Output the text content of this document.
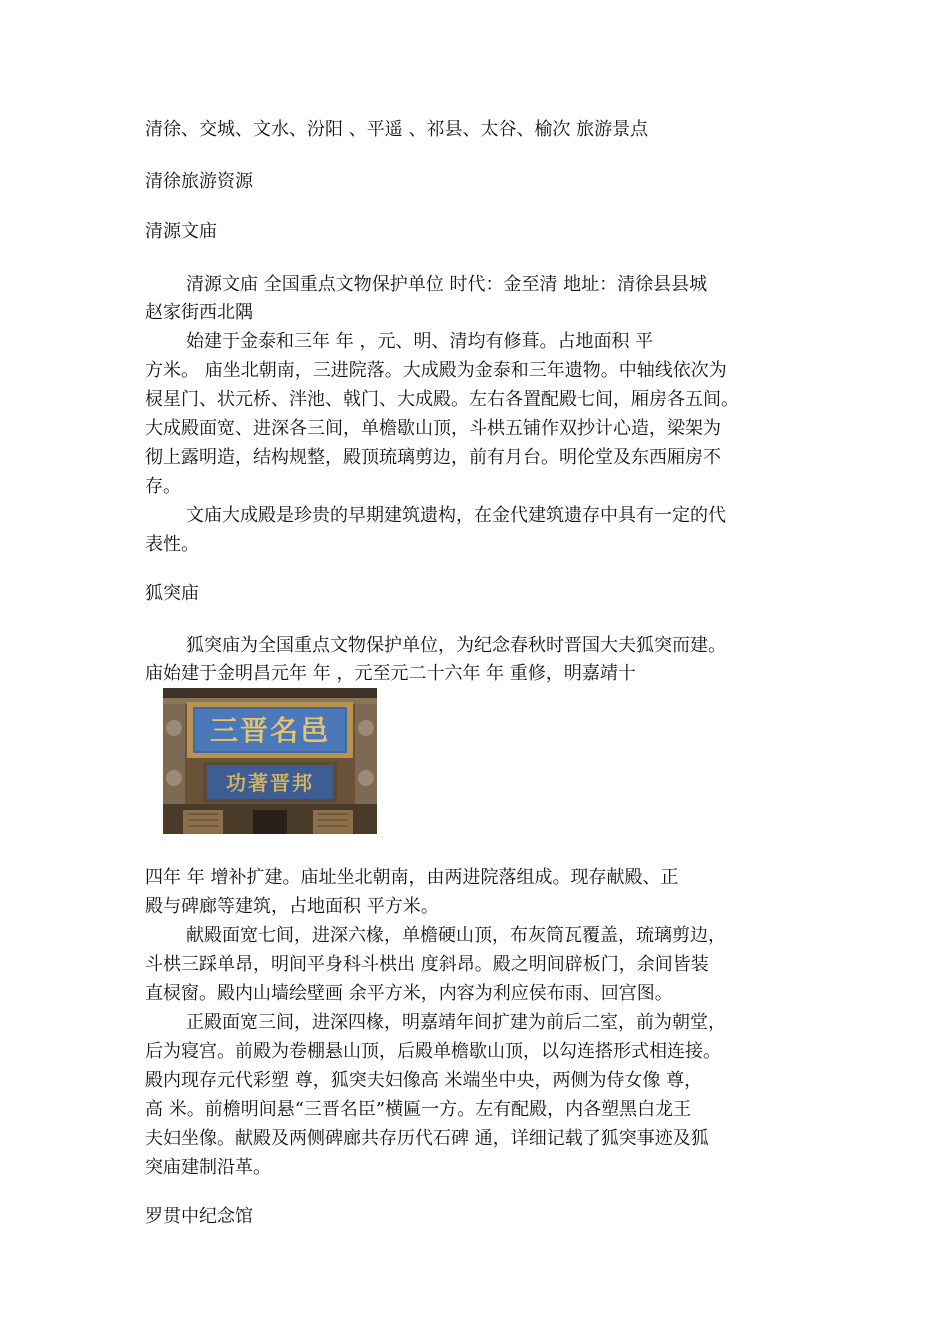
清徐、交城、文水、汾阳 、平遥 、祁县、太谷、榆次 旅游景点
清徐旅游资源
清源文庙
清源文庙 全国重点文物保护单位 时代：金至清 地址：清徐县县城
赵家街西北隅
始建于金泰和三年 年 ，元、明、清均有修葺。占地面积 平
方米。 庙坐北朝南，三进院落。大成殿为金泰和三年遗物。中轴线依次为
棂星门、状元桥、泮池、戟门、大成殿。左右各置配殿七间，厢房各五间。
大成殿面宽、进深各三间，单檐歇山顶，斗栱五铺作双抄计心造，梁架为
彻上露明造，结构规整，殿顶琉璃剪边，前有月台。明伦堂及东西厢房不
存。
文庙大成殿是珍贵的早期建筑遗构，在金代建筑遗存中具有一定的代
表性。
狐突庙
狐突庙为全国重点文物保护单位，为纪念春秋时晋国大夫狐突而建。
庙始建于金明昌元年 年 ，元至元二十六年 年 重修，明嘉靖十
四年 年 增补扩建。庙址坐北朝南，由两进院落组成。现存献殿、正
殿与碑廊等建筑，占地面积 平方米。
献殿面宽七间，进深六椽，单檐硬山顶，布灰筒瓦覆盖，琉璃剪边，
斗栱三踩单昂，明间平身科斗栱出 度斜昂。殿之明间辟板门，余间皆装
直棂窗。殿内山墙绘壁画 余平方米，内容为利应侯布雨、回宫图。
正殿面宽三间，进深四椽，明嘉靖年间扩建为前后二室，前为朝堂，
后为寝宫。前殿为卷棚悬山顶，后殿单檐歇山顶，以勾连搭形式相连接。
殿内现存元代彩塑 尊，狐突夫妇像高 米端坐中央，两侧为侍女像 尊，
高 米。前檐明间悬“三晋名臣”横匾一方。左有配殿，内各塑黑白龙王
夫妇坐像。献殿及两侧碑廊共存历代石碑 通，详细记载了狐突事迹及狐
突庙建制沿革。
三晋名邑
功著晋邦
罗贯中纪念馆
